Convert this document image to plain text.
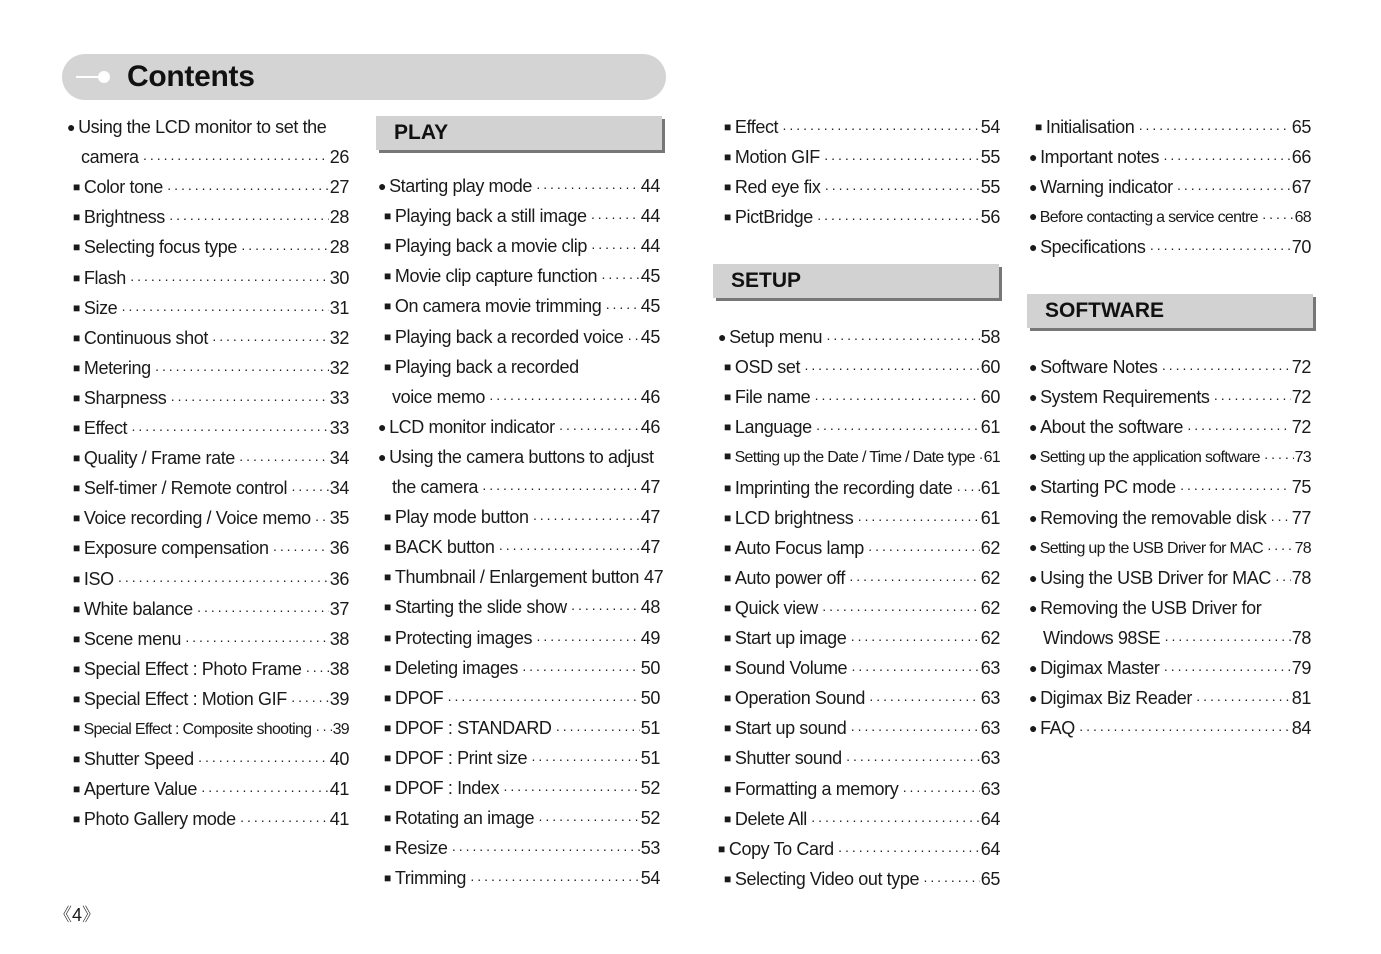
Contents
PLAY
SETUP
SOFTWARE
● Using the LCD monitor to set the
camera ·····	26
■ Color tone ·····	27
■ Brightness ·····	28
■ Selecting focus type ·····	28
■ Flash ·····	30
■ Size ·····	31
■ Continuous shot ·····	32
■ Metering ·····	32
■ Sharpness ·····	33
■ Effect ·····	33
■ Quality / Frame rate ·····	34
■ Self-timer / Remote control ····· 34
■ Voice recording / Voice memo ····· 35
■ Exposure compensation ·····	36
■ ISO ·····	36
■ White balance ·····	37
■ Scene menu ·····	38
■ Special Effect : Photo Frame ····· 38
■ Special Effect : Motion GIF ····· 39
■ Special Effect : Composite shooting ····· 39
■ Shutter Speed ·····	40
■ Aperture Value ·····	41
■ Photo Gallery mode ·····	41
● Starting play mode ·····	44
■ Playing back a still image ·····	44
■ Playing back a movie clip ·····	44
■ Movie clip capture function ····· 45
■ On camera movie trimming ····· 45
■ Playing back a recorded voice ····· 45
■ Playing back a recorded
voice memo ·····	46
● LCD monitor indicator ·····	46
● Using the camera buttons to adjust
the camera ·····	47
■ Play mode button ·····	47
■ BACK button ·····	47
■ Thumbnail / Enlargement button 47
■ Starting the slide show ·····	48
■ Protecting images ·····	49
■ Deleting images ·····	50
■ DPOF ·····	50
■ DPOF : STANDARD ·····	51
■ DPOF : Print size ·····	51
■ DPOF : Index ·····	52
■ Rotating an image ·····	52
■ Resize ·····	53
■ Trimming ·····	54
■ Effect ·····	54
■ Motion GIF ·····	55
■ Red eye fix ·····	55
■ PictBridge ·····	56
● Setup menu ·····	58
■ OSD set ·····	60
■ File name ·····	60
■ Language ·····	61
■ Setting up the Date / Time / Date type ····· 61
■ Imprinting the recording date ····· 61
■ LCD brightness ·····	61
■ Auto Focus lamp ·····	62
■ Auto power off ·····	62
■ Quick view ·····	62
■ Start up image ·····	62
■ Sound Volume ·····	63
■ Operation Sound ·····	63
■ Start up sound ·····	63
■ Shutter sound ·····	63
■ Formatting a memory ·····	63
■ Delete All ·····	64
■ Copy To Card ·····	64
■ Selecting Video out type ·····	65
■ Initialisation ·····	65
● Important notes ·····	66
● Warning indicator ·····	67
● Before contacting a service centre ····· 68
● Specifications ·····	70
● Software Notes ·····	72
● System Requirements ·····	72
● About the software ·····	72
● Setting up the application software ····· 73
● Starting PC mode ·····	75
● Removing the removable disk ····· 77
● Setting up the USB Driver for MAC ····· 78
● Using the USB Driver for MAC ····· 78
● Removing the USB Driver for
Windows 98SE ·····	78
● Digimax Master ·····	79
● Digimax Biz Reader ·····	81
● FAQ ·····	84
《4》
